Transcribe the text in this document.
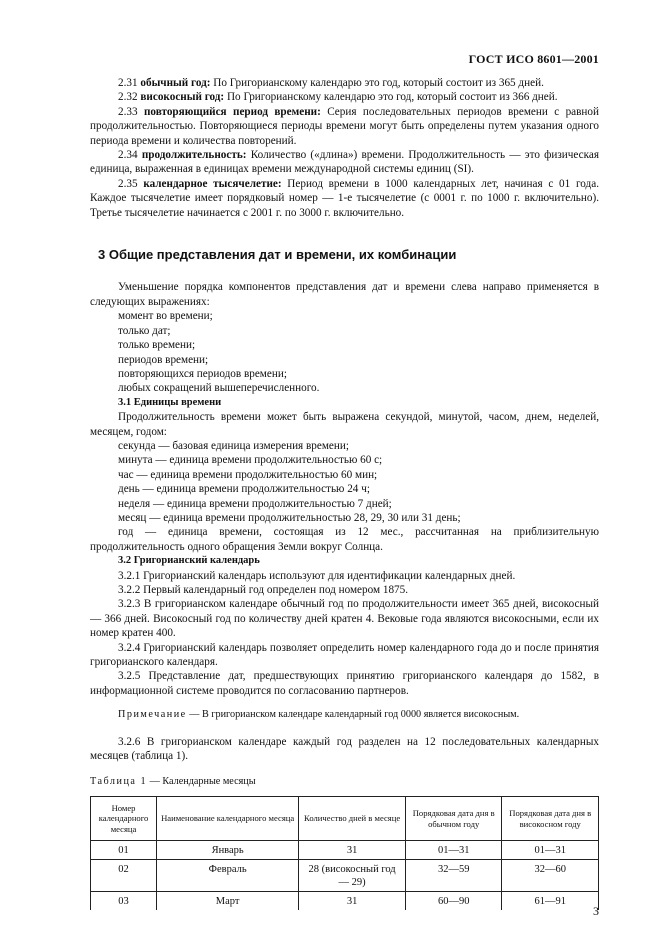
ГОСТ ИСО 8601—2001

2.31 обычный год: По Григорианскому календарю это год, который состоит из 365 дней.

2.32 високосный год: По Григорианскому календарю это год, который состоит из 366 дней.

2.33 повторяющийся период времени: Серия последовательных периодов времени с равной продолжительностью. Повторяющиеся периоды времени могут быть определены путем указания одного периода времени и количества повторений.

2.34 продолжительность: Количество («длина») времени. Продолжительность — это физическая единица, выраженная в единицах времени международной системы единиц (SI).

2.35 календарное тысячелетие: Период времени в 1000 календарных лет, начиная с 01 года. Каждое тысячелетие имеет порядковый номер — 1-е тысячелетие (с 0001 г. по 1000 г. включительно). Третье тысячелетие начинается с 2001 г. по 3000 г. включительно.

3 Общие представления дат и времени, их комбинации

Уменьшение порядка компонентов представления дат и времени слева направо применяется в следующих выражениях:

момент во времени;

только дат;

только времени;

периодов времени;

повторяющихся периодов времени;

любых сокращений вышеперечисленного.

3.1 Единицы времени

Продолжительность времени может быть выражена секундой, минутой, часом, днем, неделей, месяцем, годом:

секунда — базовая единица измерения времени;

минута — единица времени продолжительностью 60 с;

час — единица времени продолжительностью 60 мин;

день — единица времени продолжительностью 24 ч;

неделя — единица времени продолжительностью 7 дней;

месяц — единица времени продолжительностью 28, 29, 30 или 31 день;

год — единица времени, состоящая из 12 мес., рассчитанная на приблизительную продолжительность одного обращения Земли вокруг Солнца.

3.2 Григорианский календарь

3.2.1 Григорианский календарь используют для идентификации календарных дней.

3.2.2 Первый календарный год определен под номером 1875.

3.2.3 В григорианском календаре обычный год по продолжительности имеет 365 дней, високосный — 366 дней. Високосный год по количеству дней кратен 4. Вековые года являются високосными, если их номер кратен 400.

3.2.4 Григорианский календарь позволяет определить номер календарного года до и после принятия григорианского календаря.

3.2.5 Представление дат, предшествующих принятию григорианского календаря до 1582, в информационной системе проводится по согласованию партнеров.

Примечание — В григорианском календаре календарный год 0000 является високосным.

3.2.6 В григорианском календаре каждый год разделен на 12 последовательных календарных месяцев (таблица 1).

Таблица 1 — Календарные месяцы

Номер календарного месяца	Наименование календарного месяца	Количество дней в месяце	Порядковая дата дня в обычном году	Порядковая дата дня в високосном году
01	Январь	31	01—31	01—31
02	Февраль	28 (високосный год — 29)	32—59	32—60
03	Март	31	60—90	61—91
3
